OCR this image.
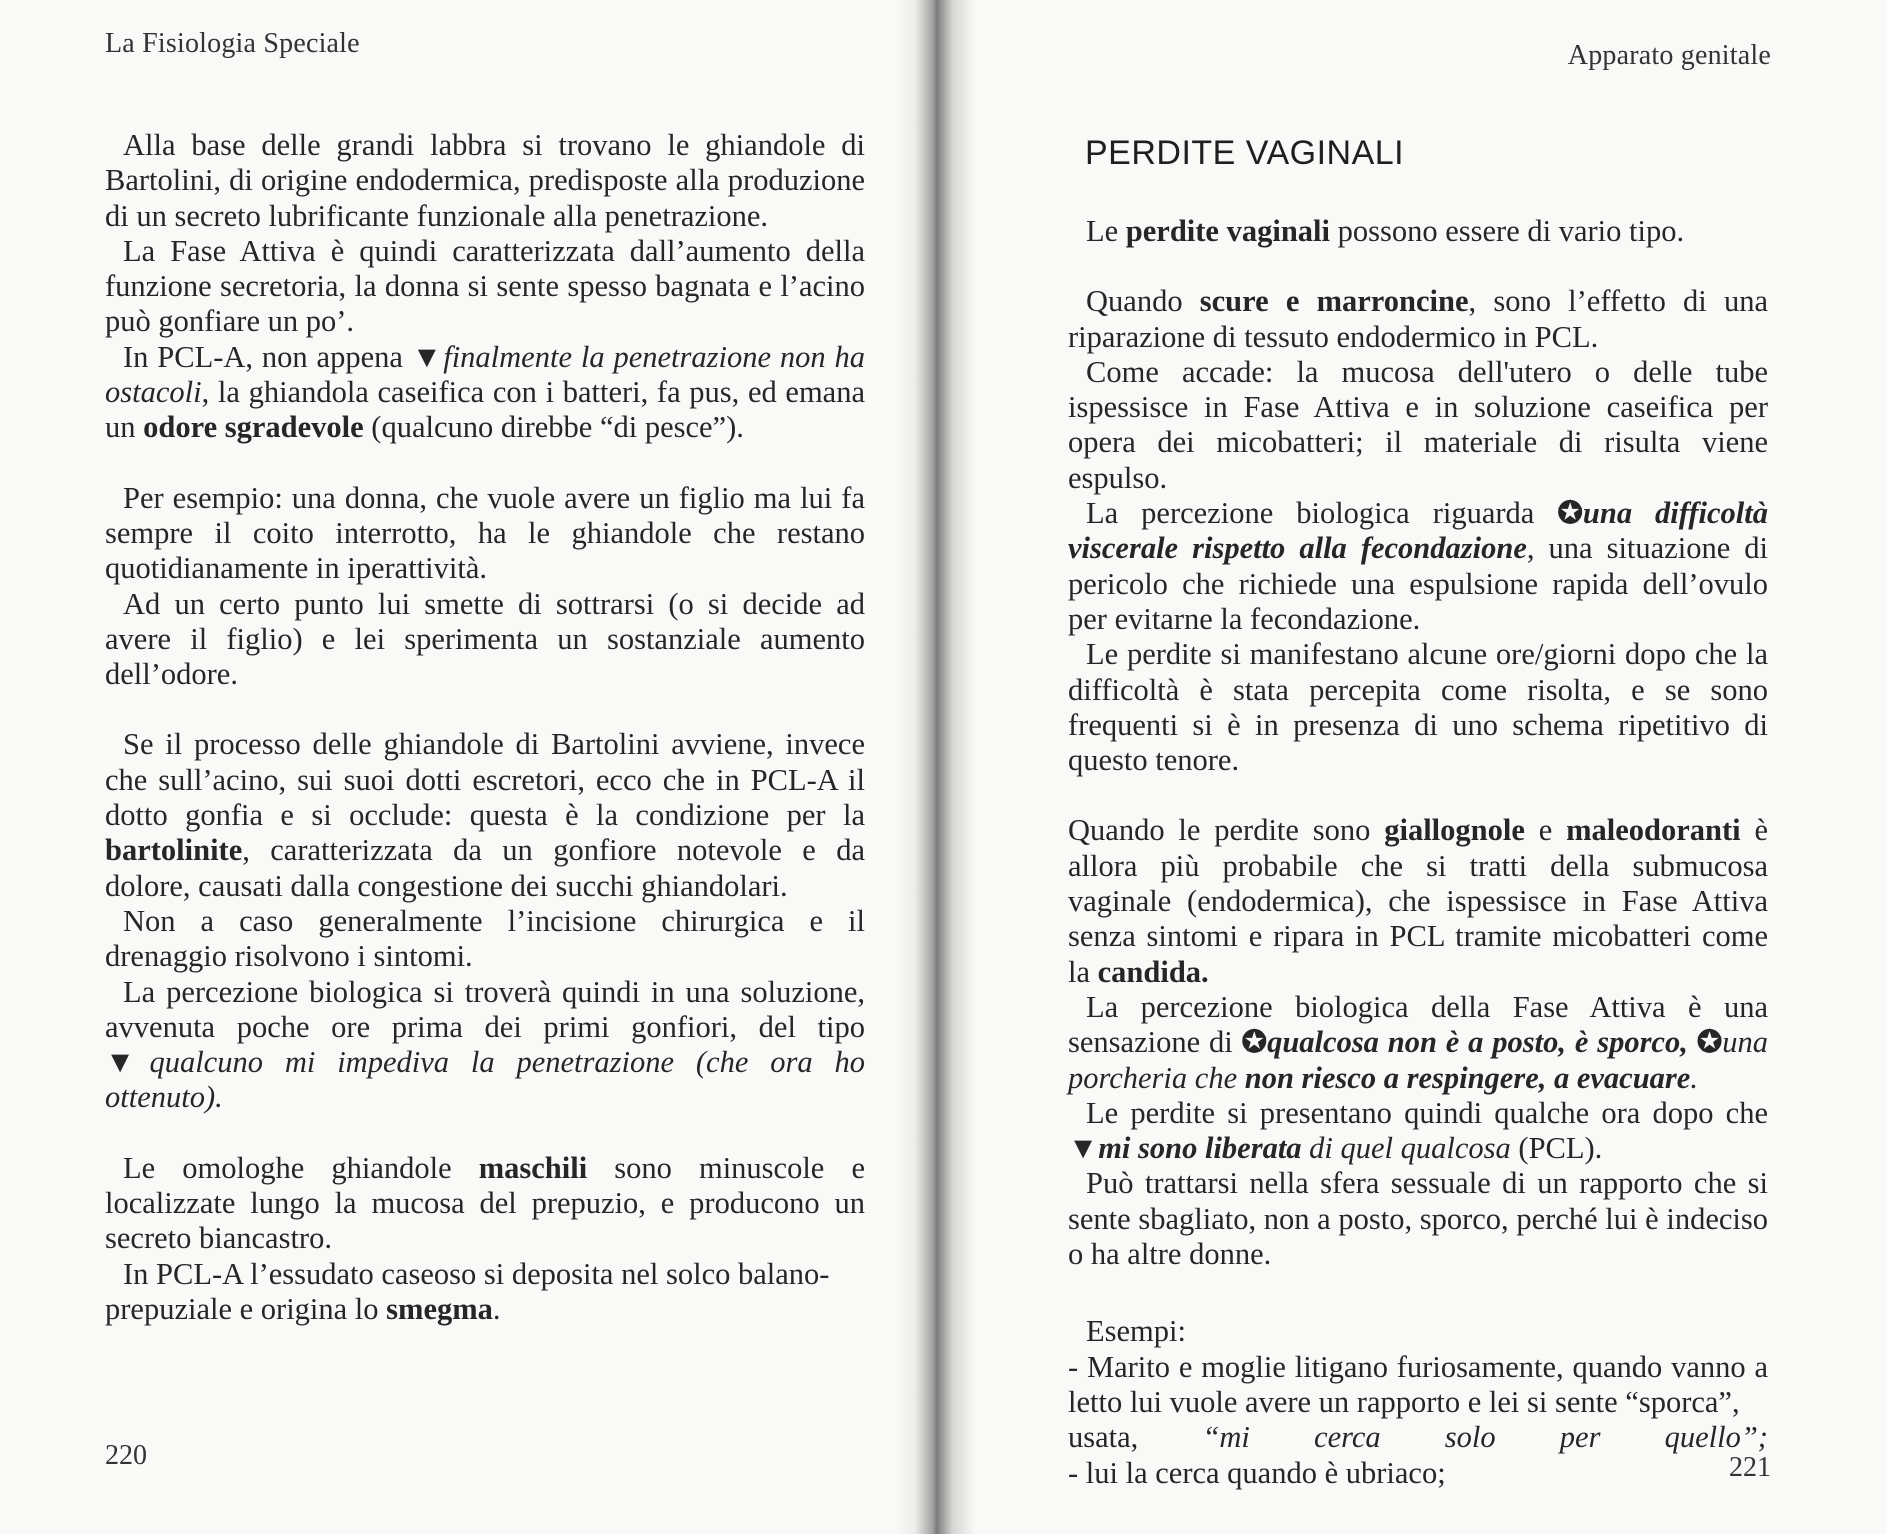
La Fisiologia Speciale

Alla base delle grandi labbra si trovano le ghiandole di Bartolini, di origine endodermica, predisposte alla produzione di un secreto lubrificante funzionale alla penetrazione.

La Fase Attiva è quindi caratterizzata dall’aumento della funzione secretoria, la donna si sente spesso bagnata e l’acino può gonfiare un po’.

In PCL-A, non appena ▼finalmente la penetrazione non ha ostacoli, la ghiandola caseifica con i batteri, fa pus, ed emana un odore sgradevole (qualcuno direbbe “di pesce”).

Per esempio: una donna, che vuole avere un figlio ma lui fa sempre il coito interrotto, ha le ghiandole che restano quotidianamente in iperattività.

Ad un certo punto lui smette di sottrarsi (o si decide ad avere il figlio) e lei sperimenta un sostanziale aumento dell’odore.

Se il processo delle ghiandole di Bartolini avviene, invece che sull’acino, sui suoi dotti escretori, ecco che in PCL-A il dotto gonfia e si occlude: questa è la condizione per la bartolinite, caratterizzata da un gonfiore notevole e da dolore, causati dalla congestione dei succhi ghiandolari.

Non a caso generalmente l’incisione chirurgica e il drenaggio risolvono i sintomi.

La percezione biologica si troverà quindi in una soluzione, avvenuta poche ore prima dei primi gonfiori, del tipo ▼qualcuno mi impediva la penetrazione (che ora ho ottenuto).

Le omologhe ghiandole maschili sono minuscole e localizzate lungo la mucosa del prepuzio, e producono un secreto biancastro.

In PCL-A l’essudato caseoso si deposita nel solco balano-prepuziale e origina lo smegma.

220
Apparato genitale
PERDITE VAGINALI

Le perdite vaginali possono essere di vario tipo.

Quando scure e marroncine, sono l’effetto di una riparazione di tessuto endodermico in PCL.

Come accade: la mucosa dell'utero o delle tube ispessisce in Fase Attiva e in soluzione caseifica per opera dei micobatteri; il materiale di risulta viene espulso.

La percezione biologica riguarda ✪una difficoltà viscerale rispetto alla fecondazione, una situazione di pericolo che richiede una espulsione rapida dell’ovulo per evitarne la fecondazione.

Le perdite si manifestano alcune ore/giorni dopo che la difficoltà è stata percepita come risolta, e se sono frequenti si è in presenza di uno schema ripetitivo di questo tenore.

Quando le perdite sono giallognole e maleodoranti è allora più probabile che si tratti della submucosa vaginale (endodermica), che ispessisce in Fase Attiva senza sintomi e ripara in PCL tramite micobatteri come la candida.

La percezione biologica della Fase Attiva è una sensazione di ✪qualcosa non è a posto, è sporco, ✪una porcheria che non riesco a respingere, a evacuare.

Le perdite si presentano quindi qualche ora dopo che ▼mi sono liberata di quel qualcosa (PCL).

Può trattarsi nella sfera sessuale di un rapporto che si sente sbagliato, non a posto, sporco, perché lui è indeciso o ha altre donne.

Esempi:

- Marito e moglie litigano furiosamente, quando vanno a letto lui vuole avere un rapporto e lei si sente “sporca”,

usata, “mi cerca solo per quello”;

- lui la cerca quando è ubriaco;	221
